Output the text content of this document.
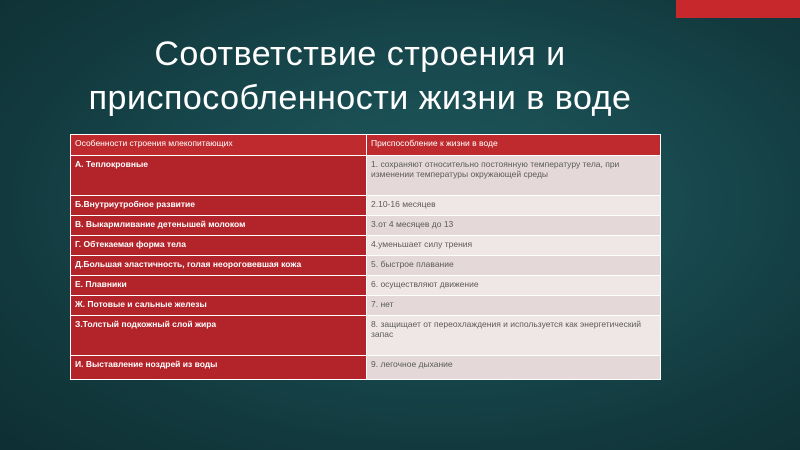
Соответствие строения и приспособленности жизни в воде
Особенности строения млекопитающих	Приспособление к жизни в воде
А. Теплокровные	1. сохраняют относительно постоянную температуру тела, при изменении температуры окружающей среды
Б.Внутриутробное развитие	2.10-16 месяцев
В. Выкармливание детенышей молоком	3.от 4 месяцев до 13
Г. Обтекаемая форма тела	4.уменьшает силу трения
Д.Большая эластичность, голая неороговевшая кожа	5. быстрое плавание
Е. Плавники	6. осуществляют движение
Ж. Потовые и сальные железы	7. нет
З.Толстый подкожный слой жира	8. защищает от переохлаждения и используется как энергетический запас
И. Выставление ноздрей из воды	9. легочное дыхание
